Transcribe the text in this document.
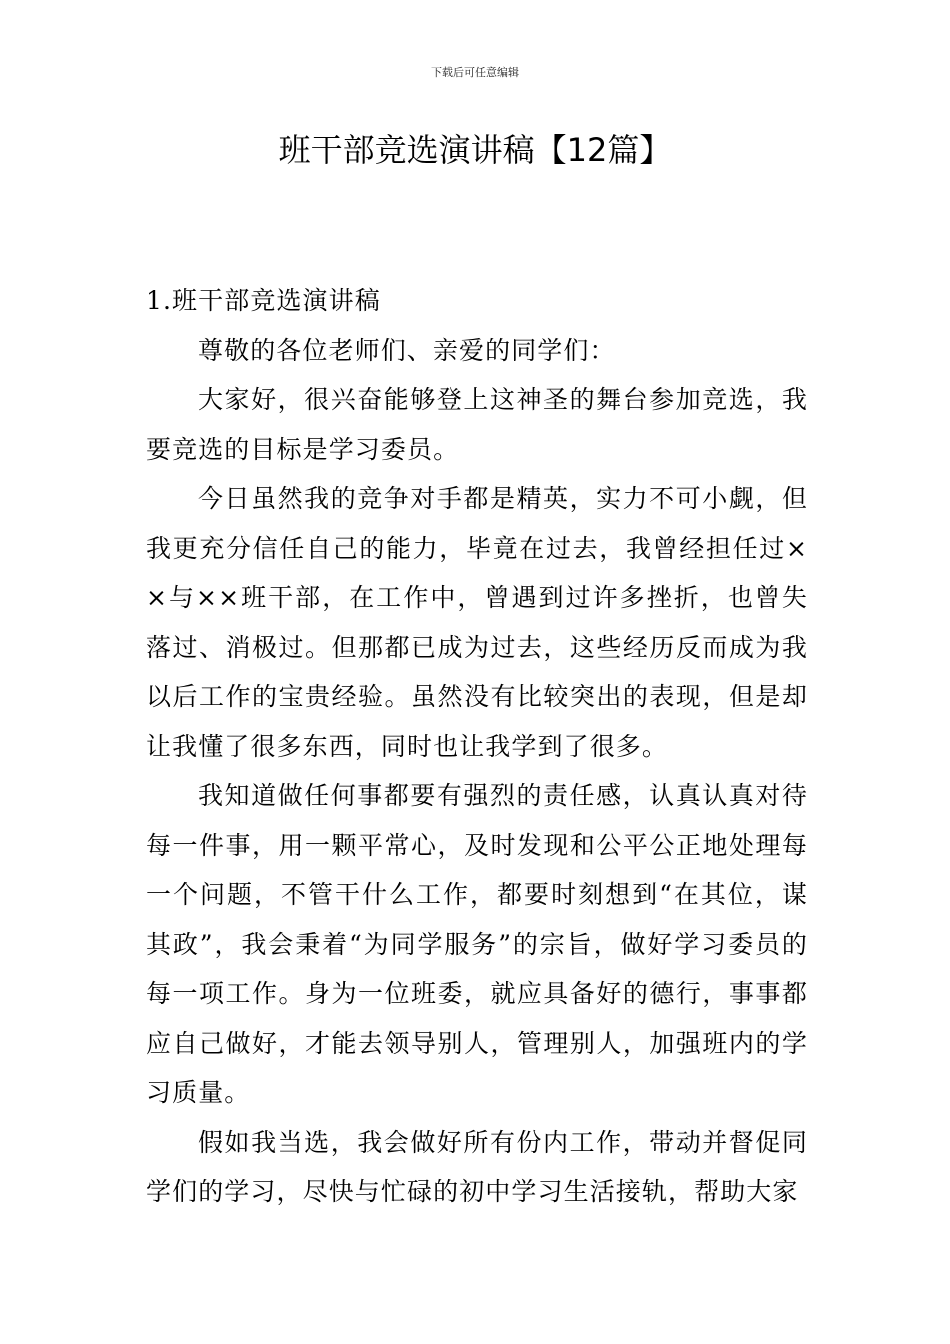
下载后可任意编辑
班干部竞选演讲稿【12篇】
1.班干部竞选演讲稿

尊敬的各位老师们、亲爱的同学们：

大家好，很兴奋能够登上这神圣的舞台参加竞选，我要竞选的目标是学习委员。

今日虽然我的竞争对手都是精英，实力不可小觑，但我更充分信任自己的能力，毕竟在过去，我曾经担任过××与××班干部，在工作中，曾遇到过许多挫折，也曾失落过、消极过。但那都已成为过去，这些经历反而成为我以后工作的宝贵经验。虽然没有比较突出的表现，但是却让我懂了很多东西，同时也让我学到了很多。

我知道做任何事都要有强烈的责任感，认真认真对待每一件事，用一颗平常心，及时发现和公平公正地处理每一个问题，不管干什么工作，都要时刻想到“在其位，谋其政”，我会秉着“为同学服务”的宗旨，做好学习委员的每一项工作。身为一位班委，就应具备好的德行，事事都应自己做好，才能去领导别人，管理别人，加强班内的学习质量。

假如我当选，我会做好所有份内工作，带动并督促同学们的学习，尽快与忙碌的初中学习生活接轨，帮助大家
